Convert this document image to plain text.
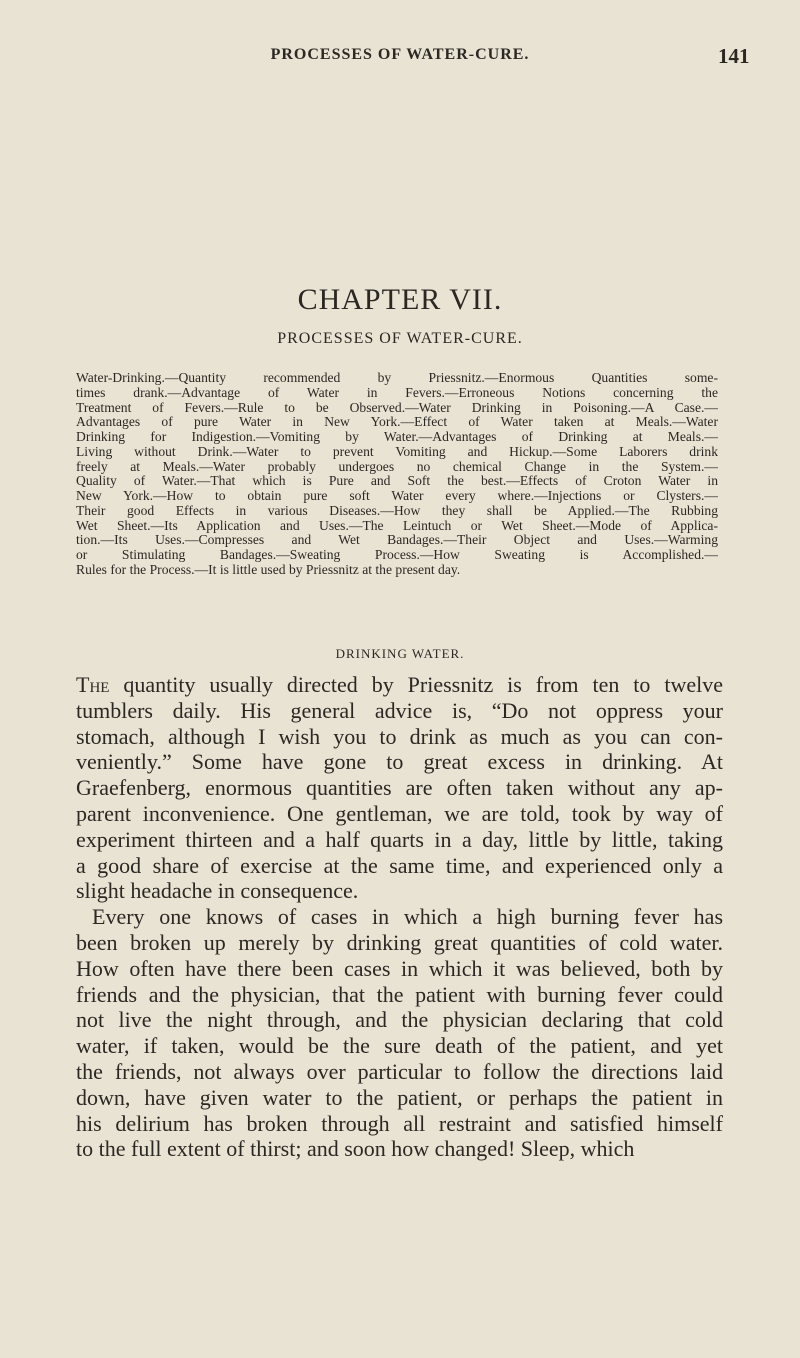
PROCESSES OF WATER-CURE.	141
CHAPTER VII.
PROCESSES OF WATER-CURE.
Water-Drinking.—Quantity recommended by Priessnitz.—Enormous Quantities some-
times drank.—Advantage of Water in Fevers.—Erroneous Notions concerning the
Treatment of Fevers.—Rule to be Observed.—Water Drinking in Poisoning.—A Case.—
Advantages of pure Water in New York.—Effect of Water taken at Meals.—Water
Drinking for Indigestion.—Vomiting by Water.—Advantages of Drinking at Meals.—
Living without Drink.—Water to prevent Vomiting and Hickup.—Some Laborers drink
freely at Meals.—Water probably undergoes no chemical Change in the System.—
Quality of Water.—That which is Pure and Soft the best.—Effects of Croton Water in
New York.—How to obtain pure soft Water every where.—Injections or Clysters.—
Their good Effects in various Diseases.—How they shall be Applied.—The Rubbing
Wet Sheet.—Its Application and Uses.—The Leintuch or Wet Sheet.—Mode of Applica-
tion.—Its Uses.—Compresses and Wet Bandages.—Their Object and Uses.—Warming
or Stimulating Bandages.—Sweating Process.—How Sweating is Accomplished.—
Rules for the Process.—It is little used by Priessnitz at the present day.
DRINKING WATER.
The quantity usually directed by Priessnitz is from ten to twelve
tumblers daily. His general advice is, “Do not oppress your
stomach, although I wish you to drink as much as you can con-
veniently.” Some have gone to great excess in drinking. At
Graefenberg, enormous quantities are often taken without any ap-
parent inconvenience. One gentleman, we are told, took by way of
experiment thirteen and a half quarts in a day, little by little, taking
a good share of exercise at the same time, and experienced only a
slight headache in consequence.
Every one knows of cases in which a high burning fever has
been broken up merely by drinking great quantities of cold water.
How often have there been cases in which it was believed, both by
friends and the physician, that the patient with burning fever could
not live the night through, and the physician declaring that cold
water, if taken, would be the sure death of the patient, and yet
the friends, not always over particular to follow the directions laid
down, have given water to the patient, or perhaps the patient in
his delirium has broken through all restraint and satisfied himself
to the full extent of thirst; and soon how changed! Sleep, which
